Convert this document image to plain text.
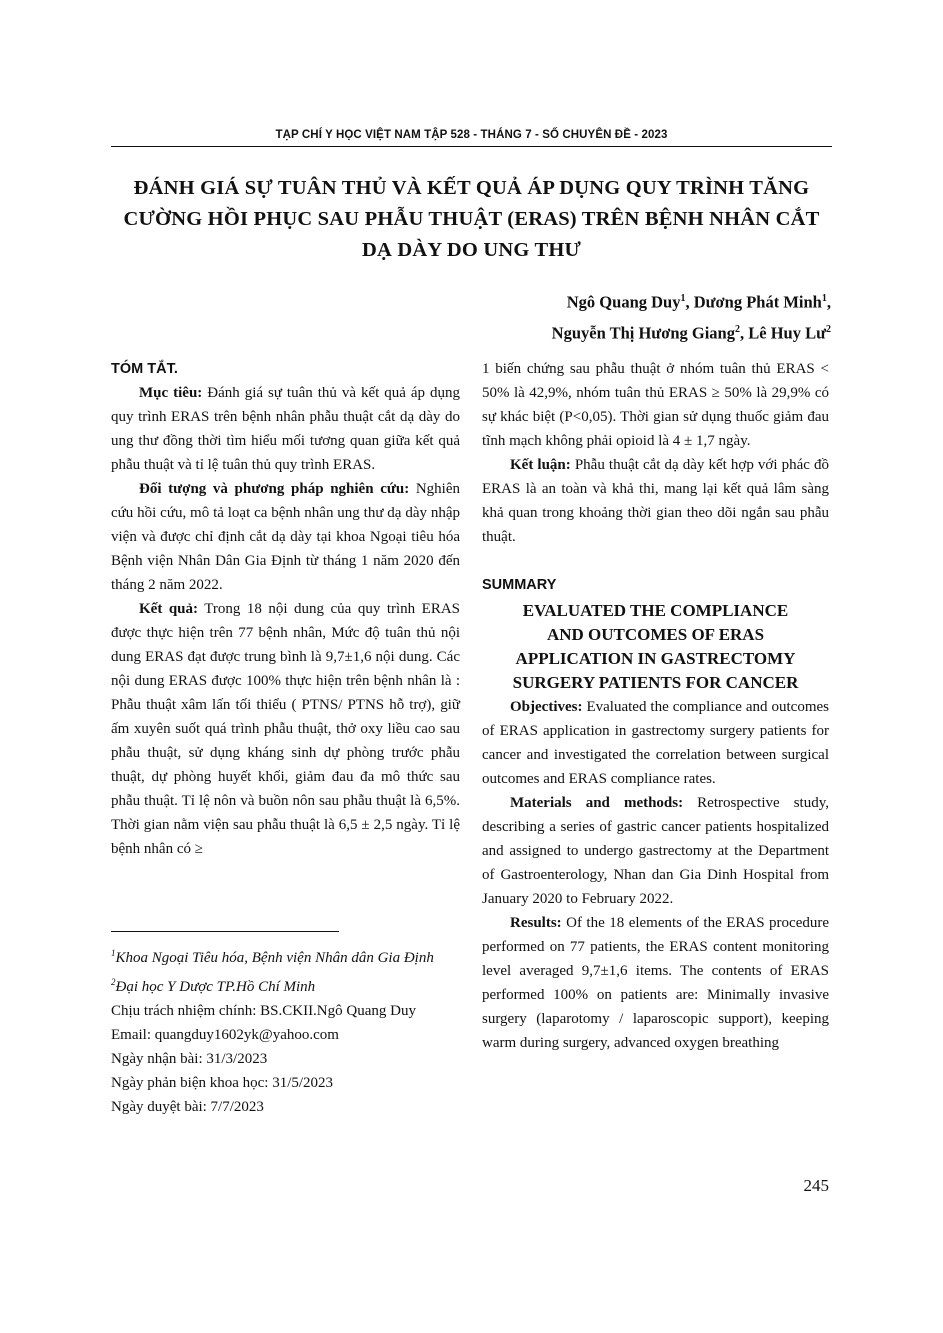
TẠP CHÍ Y HỌC VIỆT NAM TẬP 528 - THÁNG 7 - SỐ CHUYÊN ĐỀ - 2023
ĐÁNH GIÁ SỰ TUÂN THỦ VÀ KẾT QUẢ ÁP DỤNG QUY TRÌNH TĂNG
CƯỜNG HỒI PHỤC SAU PHẪU THUẬT (ERAS) TRÊN BỆNH NHÂN CẮT
DẠ DÀY DO UNG THƯ
Ngô Quang Duy$^1$, Dương Phát Minh$^1$,
Nguyễn Thị Hương Giang$^2$, Lê Huy $Lư^2$

TÓM TẮT.

Mục tiêu: Đánh giá sự tuân thủ và kết quả áp dụng quy trình ERAS trên bệnh nhân phẫu thuật cắt dạ dày do ung thư đồng thời tìm hiểu mối tương quan giữa kết quả phẫu thuật và tỉ lệ tuân thủ quy trình ERAS.

Đối tượng và phương pháp nghiên cứu: Nghiên cứu hồi cứu, mô tả loạt ca bệnh nhân ung thư dạ dày nhập viện và được chỉ định cắt dạ dày tại khoa Ngoại tiêu hóa Bệnh viện Nhân Dân Gia Định từ tháng 1 năm 2020 đến tháng 2 năm 2022.

Kết quả: Trong 18 nội dung của quy trình ERAS được thực hiện trên 77 bệnh nhân, Mức độ tuân thủ nội dung ERAS đạt được trung bình là 9,7±1,6 nội dung. Các nội dung ERAS được 100% thực hiện trên bệnh nhân là : Phẫu thuật xâm lấn tối thiểu ( PTNS/ PTNS hỗ trợ), giữ ấm xuyên suốt quá trình phẫu thuật, thở oxy liều cao sau phẫu thuật, sử dụng kháng sinh dự phòng trước phẫu thuật, dự phòng huyết khối, giảm đau đa mô thức sau phẫu thuật. Tỉ lệ nôn và buồn nôn sau phẫu thuật là 6,5%. Thời gian nằm viện sau phẫu thuật là 6,5 ± 2,5 ngày. Tỉ lệ bệnh nhân có ≥

1 biến chứng sau phẫu thuật ở nhóm tuân thủ ERAS < 50% là 42,9%, nhóm tuân thủ ERAS ≥ 50% là 29,9% có sự khác biệt (P<0,05). Thời gian sử dụng thuốc giảm đau tĩnh mạch không phải opioid là 4 ± 1,7 ngày.

Kết luận: Phẫu thuật cắt dạ dày kết hợp với phác đồ ERAS là an toàn và khả thi, mang lại kết quả lâm sàng khả quan trong khoảng thời gian theo dõi ngắn sau phẫu thuật.

SUMMARY

EVALUATED THE COMPLIANCE
AND OUTCOMES OF ERAS
APPLICATION IN GASTRECTOMY
SURGERY PATIENTS FOR CANCER

Objectives: Evaluated the compliance and outcomes of ERAS application in gastrectomy surgery patients for cancer and investigated the correlation between surgical outcomes and ERAS compliance rates.

Materials and methods: Retrospective study, describing a series of gastric cancer patients hospitalized and assigned to undergo gastrectomy at the Department of Gastroenterology, Nhan dan Gia Dinh Hospital from January 2020 to February 2022.

Results: Of the 18 elements of the ERAS procedure performed on 77 patients, the ERAS content monitoring level averaged 9,7±1,6 items. The contents of ERAS performed 100% on patients are: Minimally invasive surgery (laparotomy / laparoscopic support), keeping warm during surgery, advanced oxygen breathing

$^1$Khoa Ngoại Tiêu hóa, Bệnh viện Nhân dân Gia Định

$^2$Đại học Y Dược TP.Hồ Chí Minh

Chịu trách nhiệm chính: BS.CKII.Ngô Quang Duy

Email: quangduy1602yk@yahoo.com

Ngày nhận bài: 31/3/2023

Ngày phản biện khoa học: 31/5/2023

Ngày duyệt bài: 7/7/2023

245
